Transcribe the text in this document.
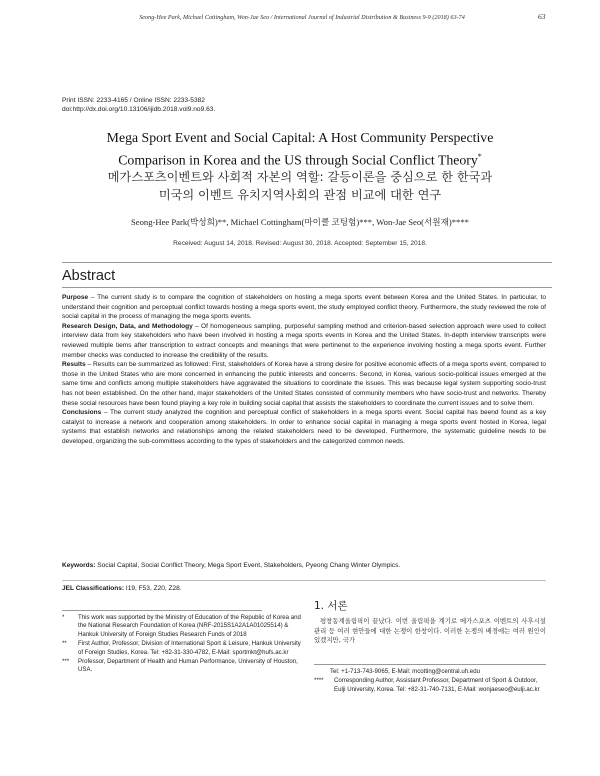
Seong-Hee Park, Michael Cottingham, Won-Jae Seo / International Journal of Industrial Distribution & Business 9-9 (2018) 63-74	63
Print ISSN: 2233-4165 / Online ISSN: 2233-5382
doi:http://dx.doi.org/10.13106/ijidb.2018.vol9.no9.63.
Mega Sport Event and Social Capital: A Host Community Perspective
Comparison in Korea and the US through Social Conflict Theory*
메가스포츠이벤트와 사회적 자본의 역할: 갈등이론을 중심으로 한 한국과
미국의 이벤트 유치지역사회의 관점 비교에 대한 연구
Seong-Hee Park(박성희)**, Michael Cottingham(마이클 코팅험)***, Won-Jae Seo(서원재)****
Received: August 14, 2018. Revised: August 30, 2018. Accepted: September 15, 2018.
Abstract

Purpose – The current study is to compare the cognition of stakeholders on hosting a mega sports event between Korea and the United States. In particular, to understand their cognition and perceptual conflict towards hosting a mega sports event, the study employed conflict theory. Furthermore, the study reviewed the role of social capital in the process of managing the mega sports events.

Research Design, Data, and Methodology – Of homogeneous sampling, purposeful sampling method and criterion-based selection approach were used to collect interview data from key stakeholders who have been involved in hosting a mega sports events in Korea and the United States. In-depth interview transcripts were reviewed multiple tiems after transcription to extract concepts and meanings that were pertinenet to the experience involving hosting a mega sports event. Further member checks was conducted to increase the credibility of the results.

Results – Results can be summarized as followed: First, stakeholders of Korea have a strong desire for positive economic effects of a mega sports event, compared to those in the United States who are more concerned in enhancing the public interests and concerns. Second, in Korea, various socio-political issues emerged at the same time and conflicts among multiple stakeholders have aggravated the situations to coordinate the issues. This was because legal system supporting socio-trust has not been established. On the other hand, major stakeholders of the United States consisted of community members who have socio-trust and networks. Thereby these social resources have been found playing a key role in building social capital that assists the stakeholders to coordinate the current issues and to solve them.

Conclusions – The current study analyzed the cognition and perceptual conflict of stakeholders in a mega sports event. Social capital has beend found as a key catalyst to increase a network and cooperation among stakeholders. In order to enhance social capital in managing a mega sports event hosted in Korea, legal systems that establish networks and relationships among the related stakeholders need to be developed. Furthermore, the systematic guideline needs to be developed, organizing the sub-committees according to the types of stakeholders and the categorized common needs.

Keywords: Social Capital, Social Conflict Theory, Mega Sport Event, Stakeholders, Pyeong Chang Winter Olympics.
JEL Classifications: I19, F53, Z20, Z28.
* This work was supported by the Ministry of Education of the Republic of Korea and the National Research Foundation of Korea (NRF-2015S1A2A1A01025514) & Hankuk University of Foreign Studies Research Funds of 2018
** First Author, Professor, Division of International Sport & Leisure, Hankuk University of Foreign Studies, Korea. Tel: +82-31-330-4782, E-Mail: sportmkt@hufs.ac.kr
*** Professor, Department of Health and Human Performance, University of Houston, USA.
1. 서론
평창동계올림픽이 끝났다. 이번 올림픽을 계기로 메가스포츠 이벤트의 사후시설관리 등 여러 현안들에 대한 논쟁이 한창이다. 이러한 논쟁의 배경에는 여러 원인이 있겠지만, 국가
Tel: +1-713-743-9065, E-Mail: mcotting@central.uh.edu
**** Corresponding Author, Assistant Professor, Department of Sport & Outdoor, Eulji University, Korea. Tel: +82-31-740-7131, E-Mail: wonjaeseo@eulji.ac.kr
